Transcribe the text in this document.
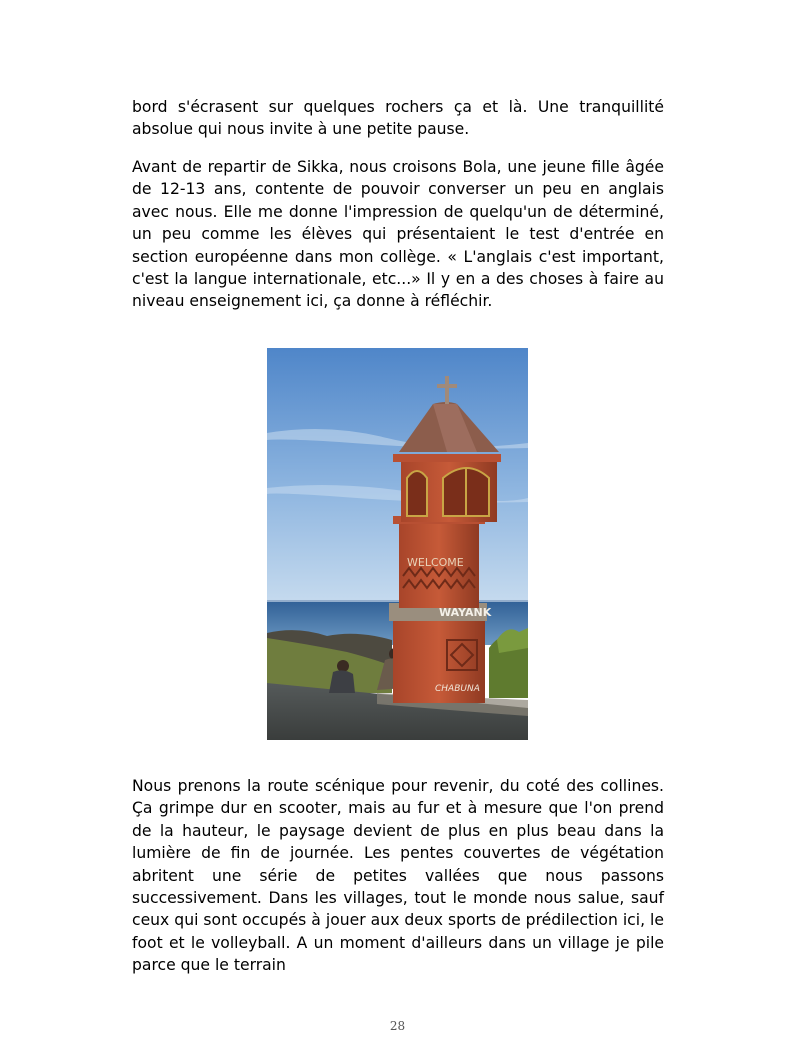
bord s'écrasent sur quelques rochers ça et là. Une tranquillité absolue qui nous invite à une petite pause.

Avant de repartir de Sikka, nous croisons Bola, une jeune fille âgée de 12-13 ans, contente de pouvoir converser un peu en anglais avec nous. Elle me donne l'impression de quelqu'un de déterminé, un peu comme les élèves qui présentaient le test d'entrée en section européenne dans mon collège. « L'anglais c'est important, c'est la langue internationale, etc...» Il y en a des choses à faire au niveau enseignement ici, ça donne à réfléchir.

WELCOME
WAYANK
CHABUNA

Nous prenons la route scénique pour revenir, du coté des collines. Ça grimpe dur en scooter, mais au fur et à mesure que l'on prend de la hauteur, le paysage devient de plus en plus beau dans la lumière de fin de journée. Les pentes couvertes de végétation abritent une série de petites vallées que nous passons successivement. Dans les villages, tout le monde nous salue, sauf ceux qui sont occupés à jouer aux deux sports de prédilection ici, le foot et le volleyball. A un moment d'ailleurs dans un village je pile parce que le terrain

28
